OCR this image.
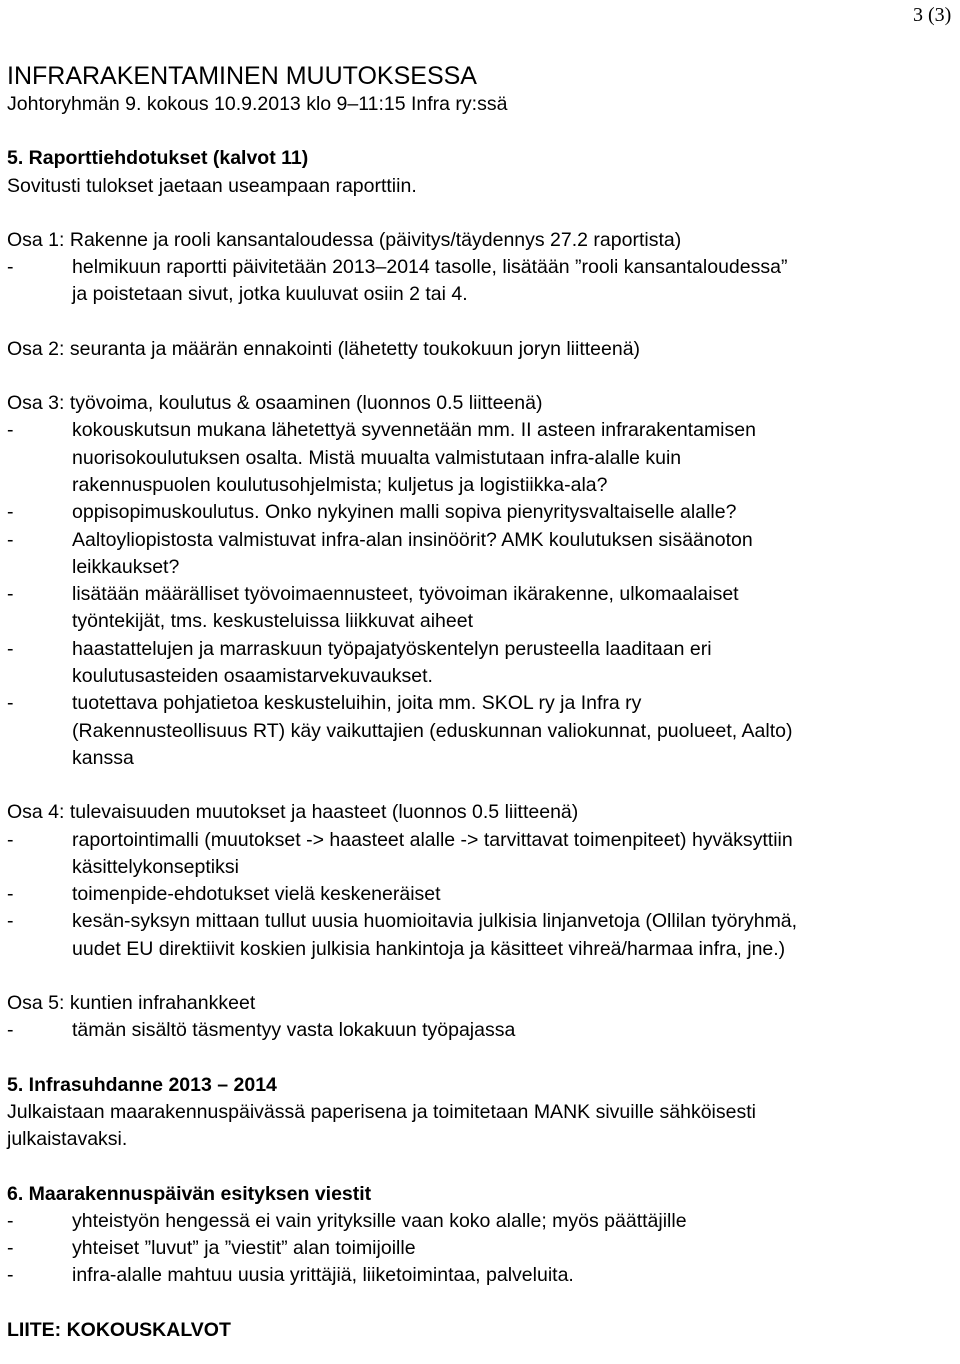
3 (3)
INFRARAKENTAMINEN MUUTOKSESSA
Johtoryhmän 9. kokous 10.9.2013 klo 9–11:15 Infra ry:ssä
5. Raporttiehdotukset (kalvot 11)
Sovitusti tulokset jaetaan useampaan raporttiin.
Osa 1: Rakenne ja rooli kansantaloudessa (päivitys/täydennys 27.2 raportista)
-	helmikuun raportti päivitetään 2013–2014 tasolle, lisätään ”rooli kansantaloudessa”
ja poistetaan sivut, jotka kuuluvat osiin 2 tai 4.
Osa 2: seuranta ja määrän ennakointi (lähetetty toukokuun joryn liitteenä)
Osa 3: työvoima, koulutus & osaaminen (luonnos 0.5 liitteenä)
-	kokouskutsun mukana lähetettyä syvennetään mm. II asteen infrarakentamisen
nuorisokoulutuksen osalta. Mistä muualta valmistutaan infra-alalle kuin
rakennuspuolen koulutusohjelmista; kuljetus ja logistiikka-ala?
-	oppisopimuskoulutus. Onko nykyinen malli sopiva pienyritysvaltaiselle alalle?
-	Aaltoyliopistosta valmistuvat infra-alan insinöörit? AMK koulutuksen sisäänoton
leikkaukset?
-	lisätään määrälliset työvoimaennusteet, työvoiman ikärakenne, ulkomaalaiset
työntekijät, tms. keskusteluissa liikkuvat aiheet
-	haastattelujen ja marraskuun työpajatyöskentelyn perusteella laaditaan eri
koulutusasteiden osaamistarvekuvaukset.
-	tuotettava pohjatietoa keskusteluihin, joita mm. SKOL ry ja Infra ry
(Rakennusteollisuus RT) käy vaikuttajien (eduskunnan valiokunnat, puolueet, Aalto)
kanssa
Osa 4: tulevaisuuden muutokset ja haasteet (luonnos 0.5 liitteenä)
-	raportointimalli (muutokset -> haasteet alalle -> tarvittavat toimenpiteet) hyväksyttiin
käsittelykonseptiksi
-	toimenpide-ehdotukset vielä keskeneräiset
-	kesän-syksyn mittaan tullut uusia huomioitavia julkisia linjanvetoja (Ollilan työryhmä,
uudet EU direktiivit koskien julkisia hankintoja ja käsitteet vihreä/harmaa infra, jne.)
Osa 5: kuntien infrahankkeet
-	tämän sisältö täsmentyy vasta lokakuun työpajassa
5. Infrasuhdanne 2013 – 2014
Julkaistaan maarakennuspäivässä paperisena ja toimitetaan MANK sivuille sähköisesti
julkaistavaksi.
6. Maarakennuspäivän esityksen viestit
-	yhteistyön hengessä ei vain yrityksille vaan koko alalle; myös päättäjille
-	yhteiset ”luvut” ja ”viestit” alan toimijoille
-	infra-alalle mahtuu uusia yrittäjiä, liiketoimintaa, palveluita.
LIITE: KOKOUSKALVOT
